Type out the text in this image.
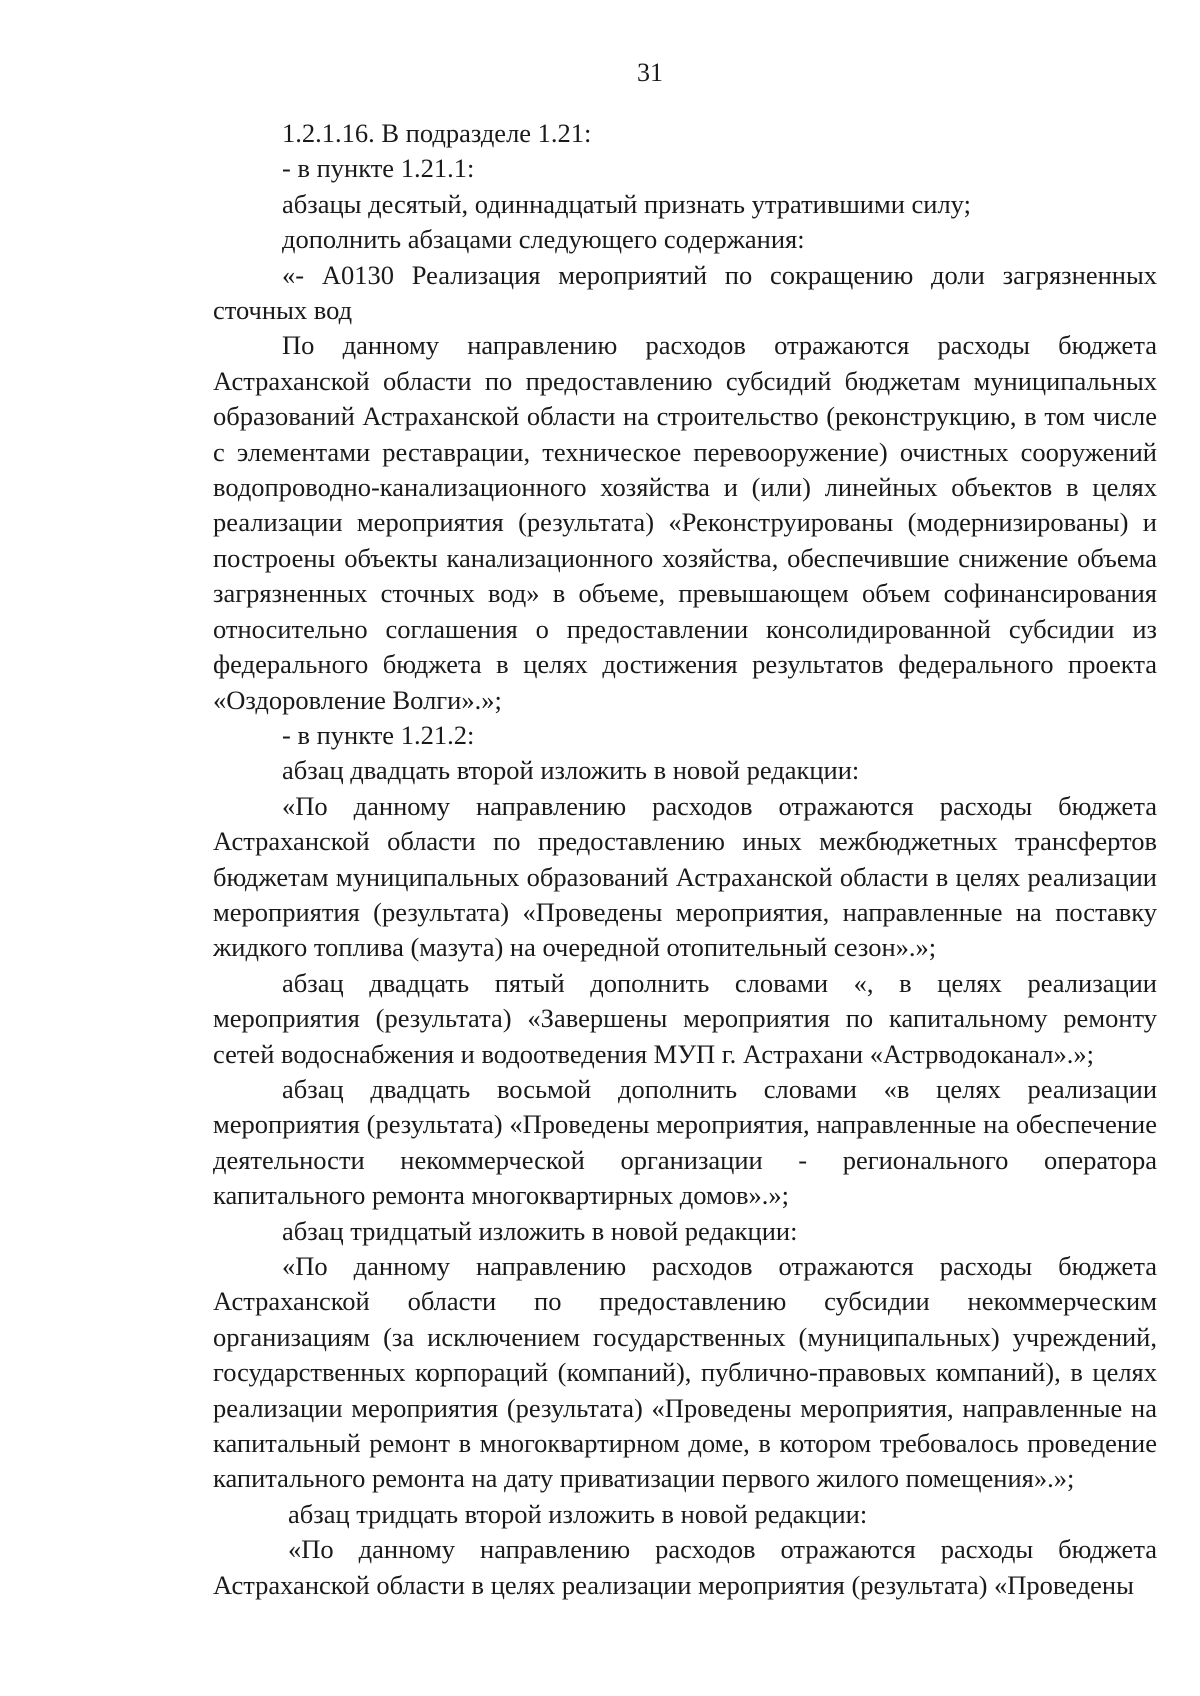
31

1.2.1.16. В подразделе 1.21:

- в пункте 1.21.1:

абзацы десятый, одиннадцатый признать утратившими силу;

дополнить абзацами следующего содержания:

«- А0130 Реализация мероприятий по сокращению доли загрязненных сточных вод

По данному направлению расходов отражаются расходы бюджета Астраханской области по предоставлению субсидий бюджетам муниципальных образований Астраханской области на строительство (реконструкцию, в том числе с элементами реставрации, техническое перевооружение) очистных сооружений водопроводно-канализационного хозяйства и (или) линейных объектов в целях реализации мероприятия (результата) «Реконструированы (модернизированы) и построены объекты канализационного хозяйства, обеспечившие снижение объема загрязненных сточных вод» в объеме, превышающем объем софинансирования относительно соглашения о предоставлении консолидированной субсидии из федерального бюджета в целях достижения результатов федерального проекта «Оздоровление Волги».»;

- в пункте 1.21.2:

абзац двадцать второй изложить в новой редакции:

«По данному направлению расходов отражаются расходы бюджета Астраханской области по предоставлению иных межбюджетных трансфертов бюджетам муниципальных образований Астраханской области в целях реализации мероприятия (результата) «Проведены мероприятия, направленные на поставку жидкого топлива (мазута) на очередной отопительный сезон».»;

абзац двадцать пятый дополнить словами «, в целях реализации мероприятия (результата) «Завершены мероприятия по капитальному ремонту сетей водоснабжения и водоотведения МУП г. Астрахани «Астрводоканал».»;

абзац двадцать восьмой дополнить словами «в целях реализации мероприятия (результата) «Проведены мероприятия, направленные на обеспечение деятельности некоммерческой организации - регионального оператора капитального ремонта многоквартирных домов».»;

абзац тридцатый изложить в новой редакции:

«По данному направлению расходов отражаются расходы бюджета Астраханской области по предоставлению субсидии некоммерческим организациям (за исключением государственных (муниципальных) учреждений, государственных корпораций (компаний), публично-правовых компаний), в целях реализации мероприятия (результата) «Проведены мероприятия, направленные на капитальный ремонт в многоквартирном доме, в котором требовалось проведение капитального ремонта на дату приватизации первого жилого помещения».»;

абзац тридцать второй изложить в новой редакции:

«По данному направлению расходов отражаются расходы бюджета Астраханской области в целях реализации мероприятия (результата) «Проведены
